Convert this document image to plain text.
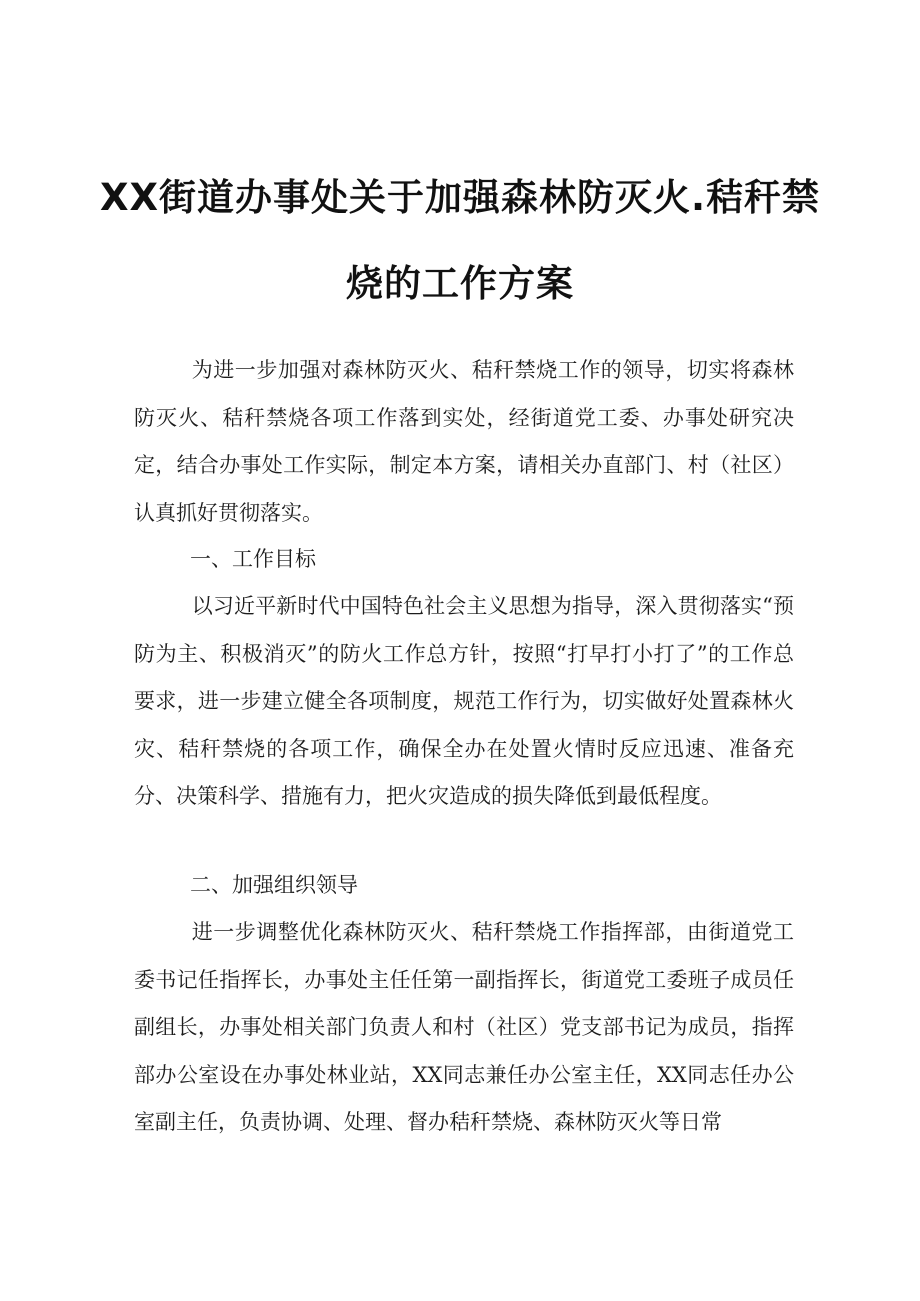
XX街道办事处关于加强森林防灭火.秸秆禁
烧的工作方案

为进一步加强对森林防灭火、秸秆禁烧工作的领导，切实将森林防灭火、秸秆禁烧各项工作落到实处，经街道党工委、办事处研究决定，结合办事处工作实际，制定本方案，请相关办直部门、村（社区）认真抓好贯彻落实。

一、工作目标

以习近平新时代中国特色社会主义思想为指导，深入贯彻落实“预防为主、积极消灭”的防火工作总方针，按照“打早打小打了”的工作总要求，进一步建立健全各项制度，规范工作行为，切实做好处置森林火灾、秸秆禁烧的各项工作，确保全办在处置火情时反应迅速、准备充分、决策科学、措施有力，把火灾造成的损失降低到最低程度。

二、加强组织领导

进一步调整优化森林防灭火、秸秆禁烧工作指挥部，由街道党工委书记任指挥长，办事处主任任第一副指挥长，街道党工委班子成员任副组长，办事处相关部门负责人和村（社区）党支部书记为成员，指挥部办公室设在办事处林业站，XX同志兼任办公室主任，XX同志任办公室副主任，负责协调、处理、督办秸秆禁烧、森林防灭火等日常
